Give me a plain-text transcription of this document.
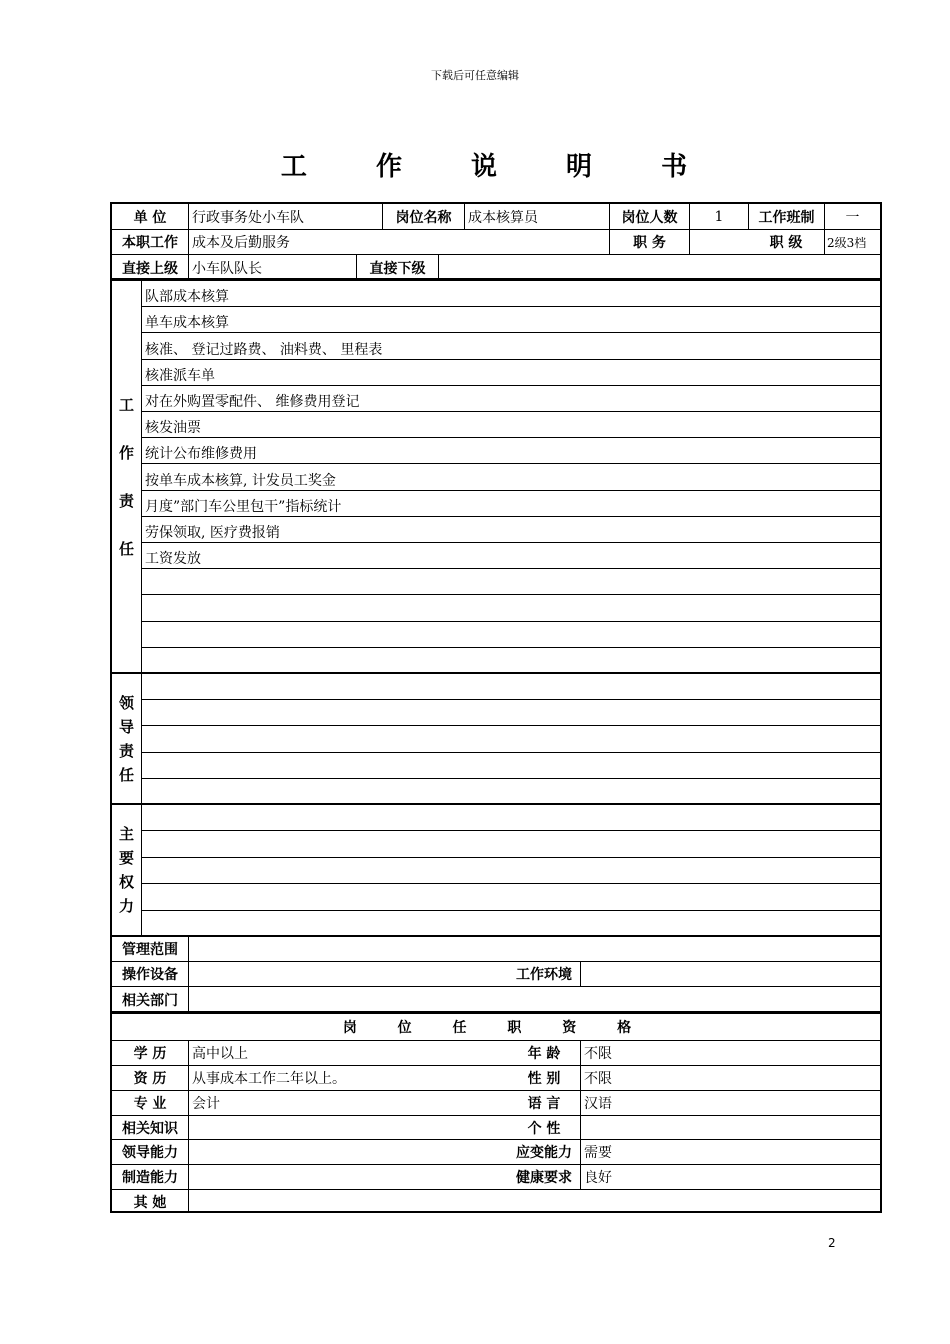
下载后可任意编辑
工 作 说 明 书
单 位	行政事务处小车队	岗位名称	成本核算员	岗位人数	1	工作班制	一
本职工作	成本及后勤服务	职 务	职 级	2级3档
直接上级	小车队队长	直接下级
工
作
责
任
队部成本核算
单车成本核算
核准、 登记过路费、 油料费、 里程表
核准派车单
对在外购置零配件、 维修费用登记
核发油票
统计公布维修费用
按单车成本核算, 计发员工奖金
月度”部门车公里包干”指标统计
劳保领取, 医疗费报销
工资发放
领
导
责
任
主
要
权
力
管理范围
操作设备	工作环境
相关部门
岗 位 任 职 资 格
学 历	高中以上	年 龄	不限
资 历	从事成本工作二年以上。	性 别	不限
专 业	会计	语 言	汉语
相关知识	个 性
领导能力	应变能力 需要
制造能力	健康要求 良好
其 她
2
